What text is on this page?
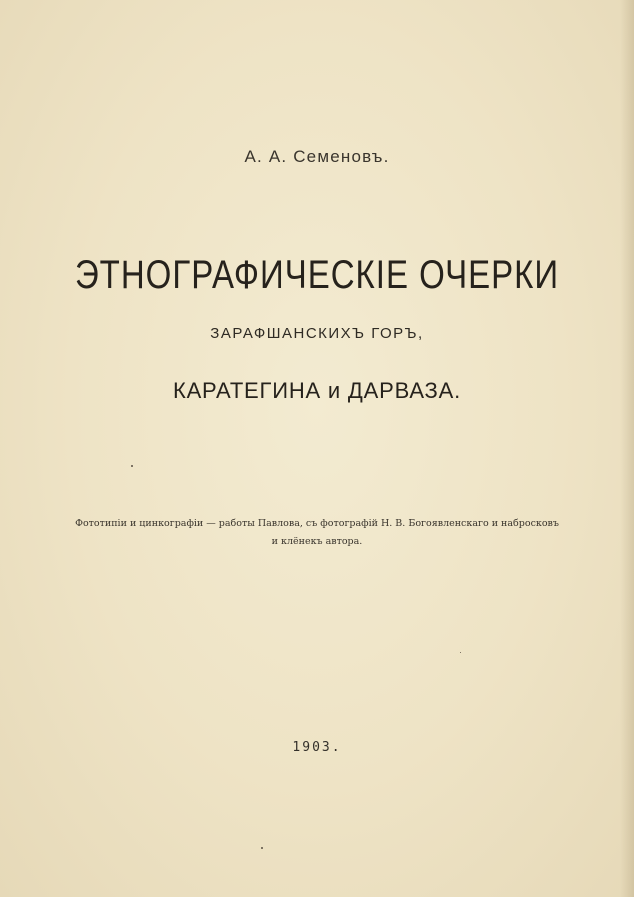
А. А. Семеновъ.
ЭТНОГРАФИЧЕСКІЕ ОЧЕРКИ
ЗАРАФШАНСКИХЪ ГОРЪ,
КАРАТЕГИНА и ДАРВАЗА.
Фототипіи и цинкографіи — работы Павлова, съ фотографій Н. В. Богоявленскаго и набросковъ
и клёнекъ автора.
1903.
